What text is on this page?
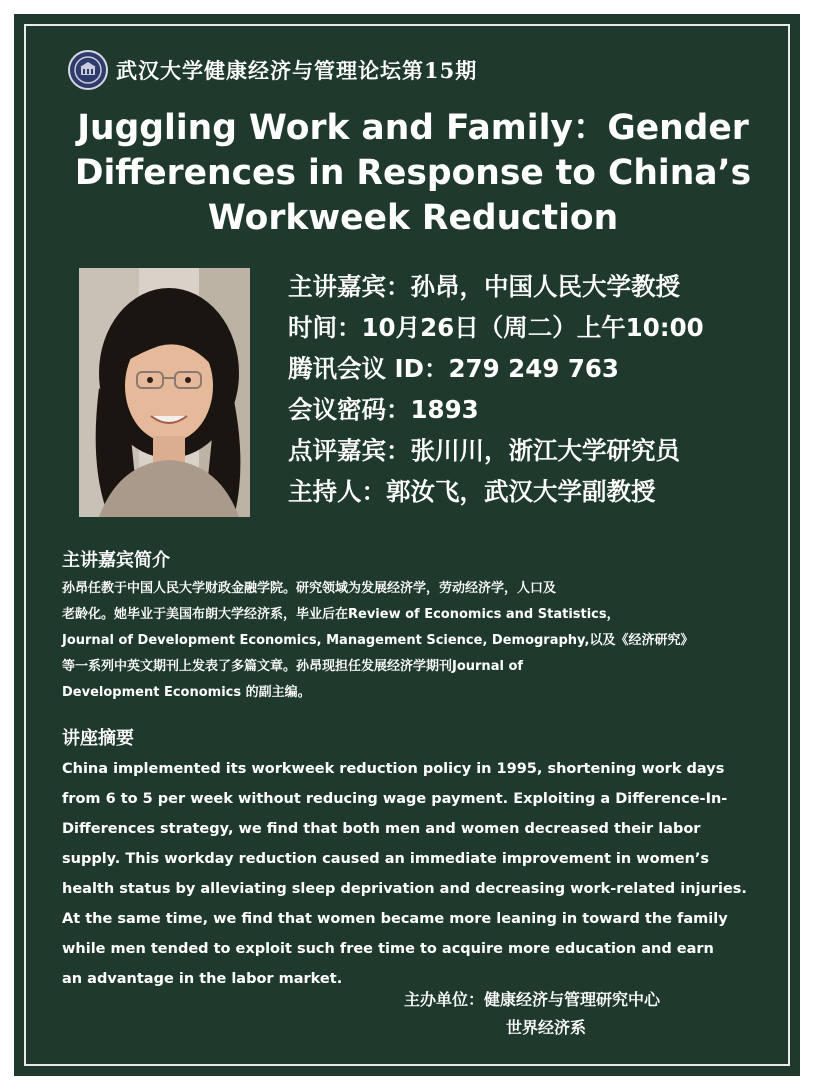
武汉大学健康经济与管理论坛第15期
Juggling Work and Family：Gender
Differences in Response to China’s
Workweek Reduction
主讲嘉宾：孙昂，中国人民大学教授
时间：10月26日（周二）上午10:00
腾讯会议 ID：279 249 763
会议密码：1893
点评嘉宾：张川川，浙江大学研究员
主持人：郭汝飞，武汉大学副教授
主讲嘉宾简介
孙昂任教于中国人民大学财政金融学院。研究领域为发展经济学，劳动经济学，人口及
老龄化。她毕业于美国布朗大学经济系，毕业后在Review of Economics and Statistics，
Journal of Development Economics, Management Science, Demography,以及《经济研究》
等一系列中英文期刊上发表了多篇文章。孙昂现担任发展经济学期刊Journal of
Development Economics 的副主编。
讲座摘要
China implemented its workweek reduction policy in 1995, shortening work days
from 6 to 5 per week without reducing wage payment. Exploiting a Difference-In-
Differences strategy, we find that both men and women decreased their labor
supply. This workday reduction caused an immediate improvement in women’s
health status by alleviating sleep deprivation and decreasing work-related injuries.
At the same time, we find that women became more leaning in toward the family
while men tended to exploit such free time to acquire more education and earn
an advantage in the labor market.
主办单位： 健康经济与管理研究中心
世界经济系
